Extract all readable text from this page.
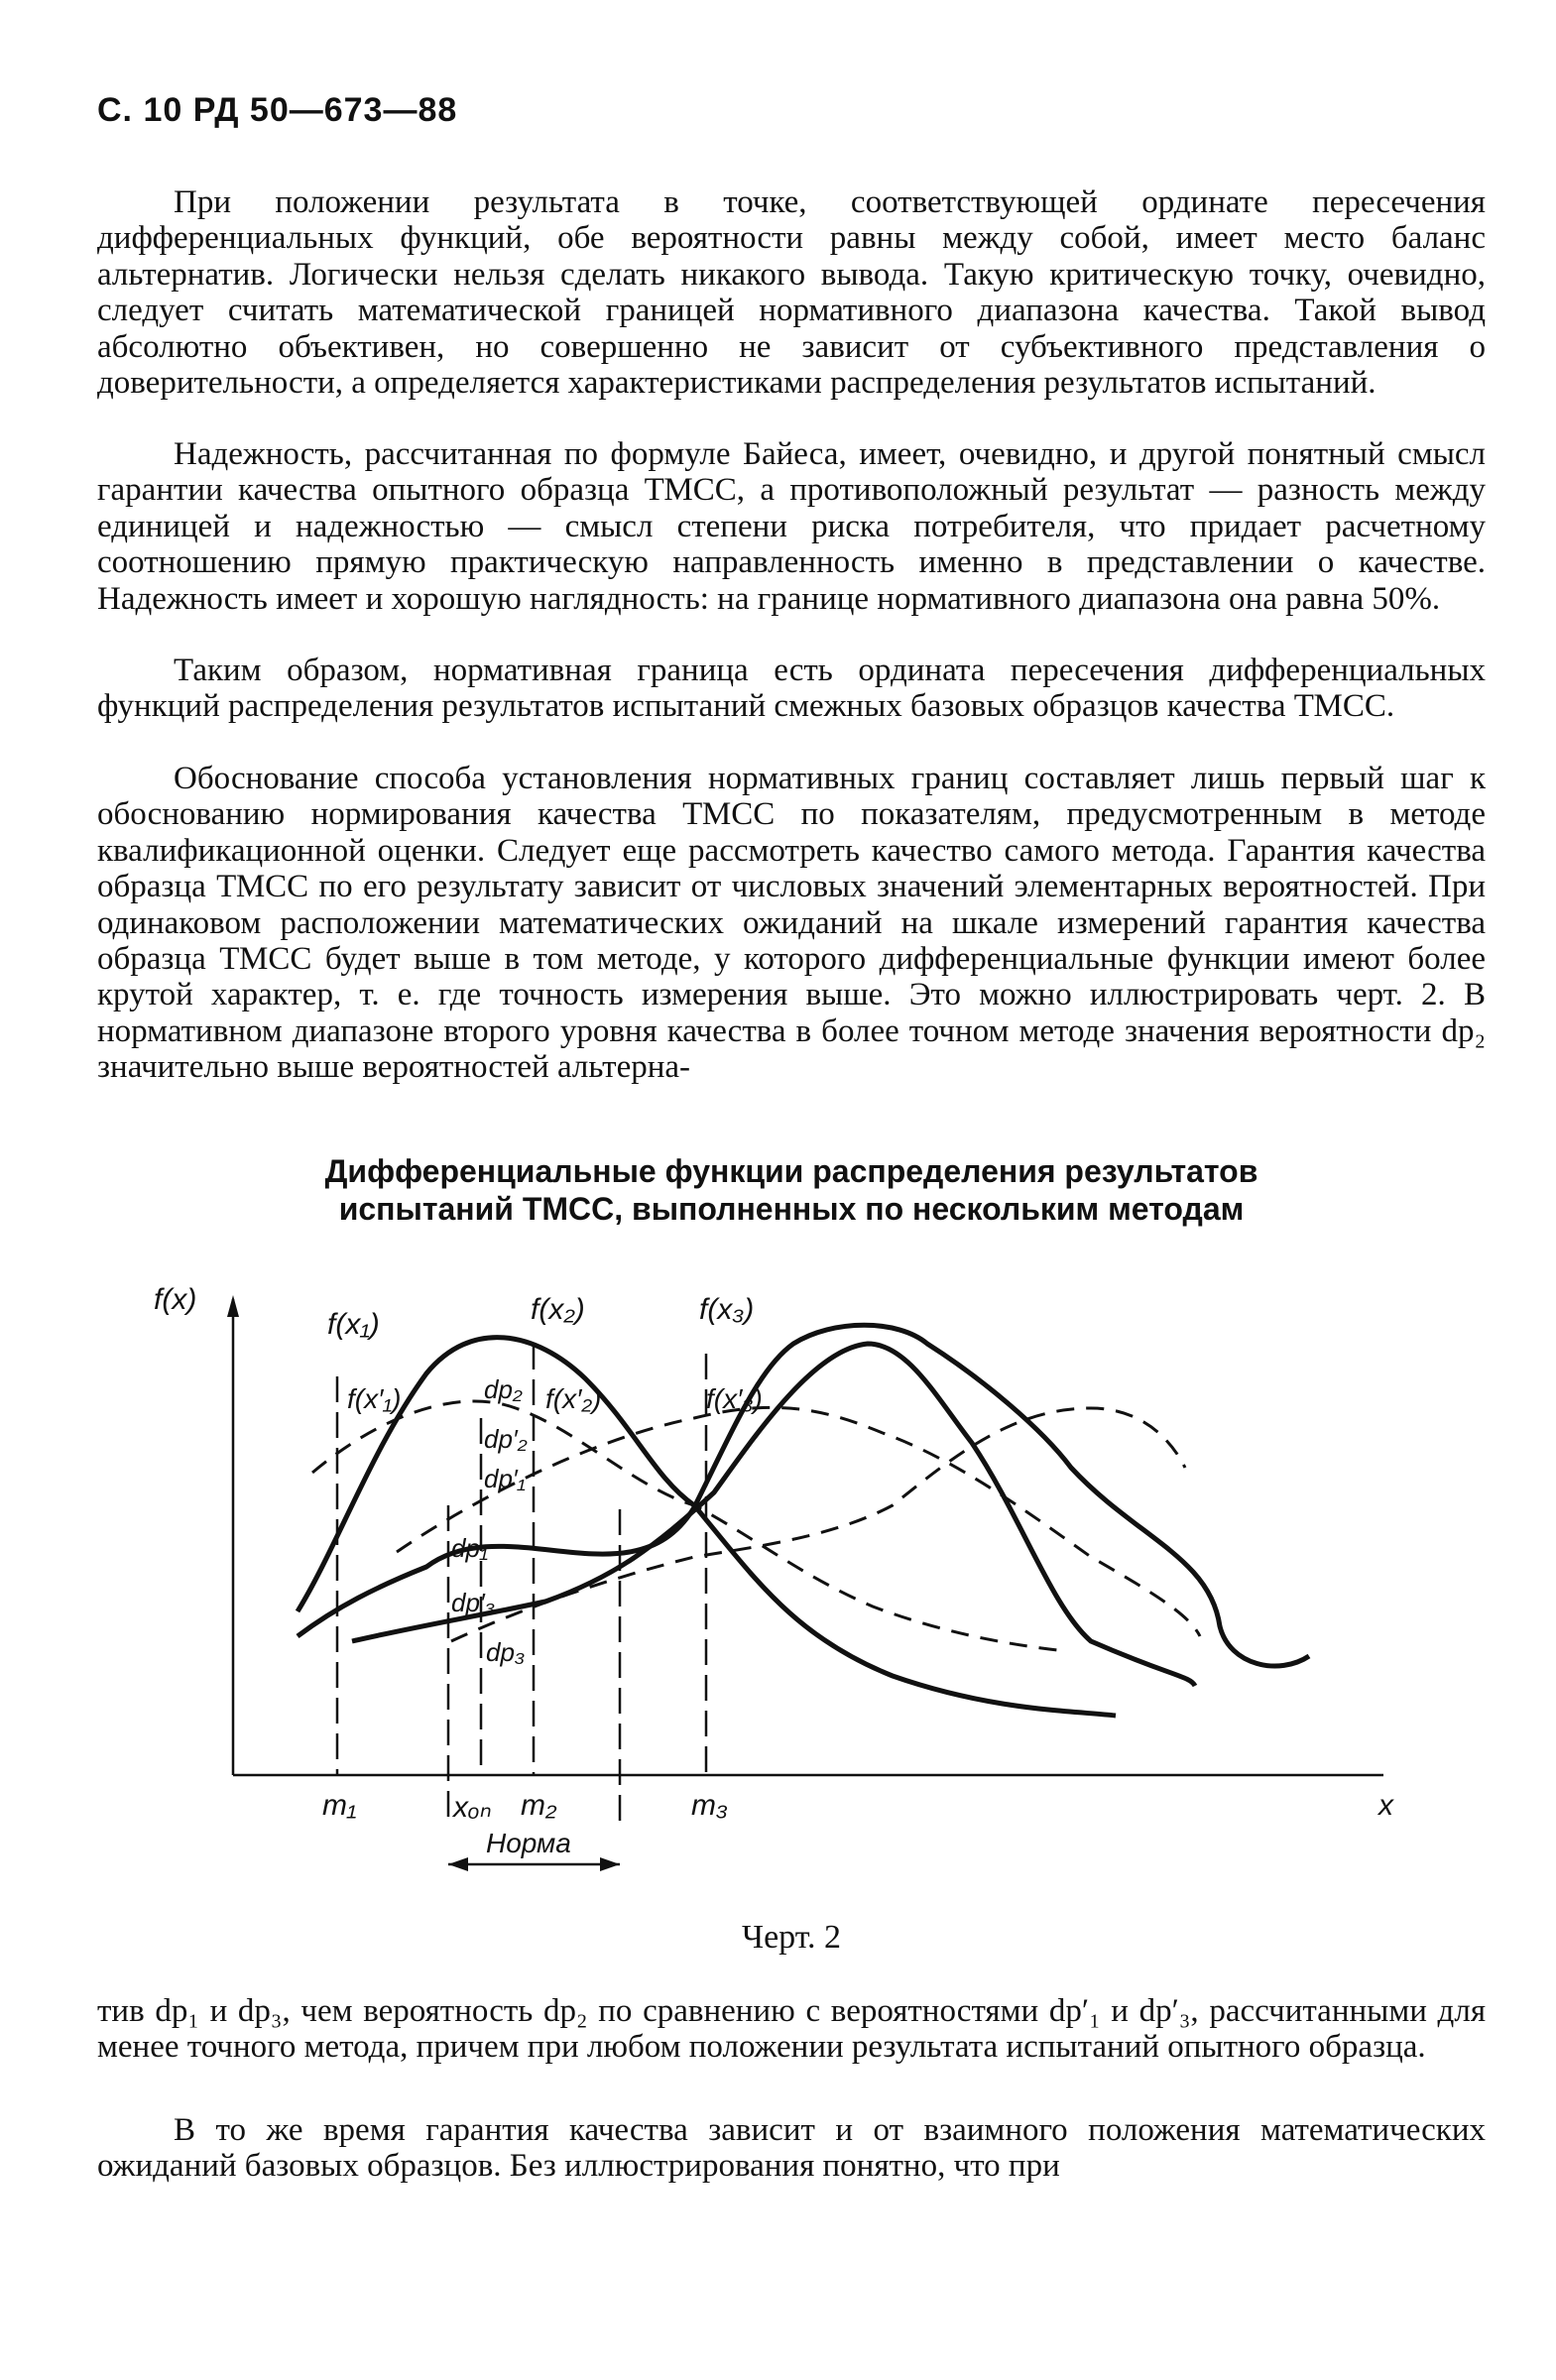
С. 10 РД 50—673—88

При положении результата в точке, соответствующей ординате пересечения дифференциальных функций, обе вероятности равны между собой, имеет место баланс альтернатив. Логически нельзя сделать никакого вывода. Такую критическую точку, очевидно, следует считать математической границей нормативного диапазона качества. Такой вывод абсолютно объективен, но совершенно не зависит от субъективного представления о доверительности, а определяется характеристиками распределения результатов испытаний.

Надежность, рассчитанная по формуле Байеса, имеет, очевидно, и другой понятный смысл гарантии качества опытного образца ТМСС, а противоположный результат — разность между единицей и надежностью — смысл степени риска потребителя, что придает расчетному соотношению прямую практическую направленность именно в представлении о качестве. Надежность имеет и хорошую наглядность: на границе нормативного диапазона она равна 50%.

Таким образом, нормативная граница есть ордината пересечения дифференциальных функций распределения результатов испытаний смежных базовых образцов качества ТМСС.

Обоснование способа установления нормативных границ составляет лишь первый шаг к обоснованию нормирования качества ТМСС по показателям, предусмотренным в методе квалификационной оценки. Следует еще рассмотреть качество самого метода. Гарантия качества образца ТМСС по его результату зависит от числовых значений элементарных вероятностей. При одинаковом расположении математических ожиданий на шкале измерений гарантия качества образца ТМСС будет выше в том методе, у которого дифференциальные функции имеют более крутой характер, т. е. где точность измерения выше. Это можно иллюстрировать черт. 2. В нормативном диапазоне второго уровня качества в более точном методе значения вероятности dp₂ значительно выше вероятностей альтерна-

Дифференциальные функции распределения результатов
испытаний ТМСС, выполненных по нескольким методам
f(x)
x
f(x₁)	f(x₂)	f(x₃)
f(x′₁)	f(x′₂)	f(x′₃)
dp₂
dp′₂
dp′₁
dp₁
dp′₃
dp₃
m₁	xₒₙ m₂	m₃
Норма
Черт. 2

тив dp₁ и dp₃, чем вероятность dp₂ по сравнению с вероятностями dp′₁ и dp′₃, рассчитанными для менее точного метода, причем при любом положении результата испытаний опытного образца.

В то же время гарантия качества зависит и от взаимного положения математических ожиданий базовых образцов. Без иллюстрирования понятно, что при
